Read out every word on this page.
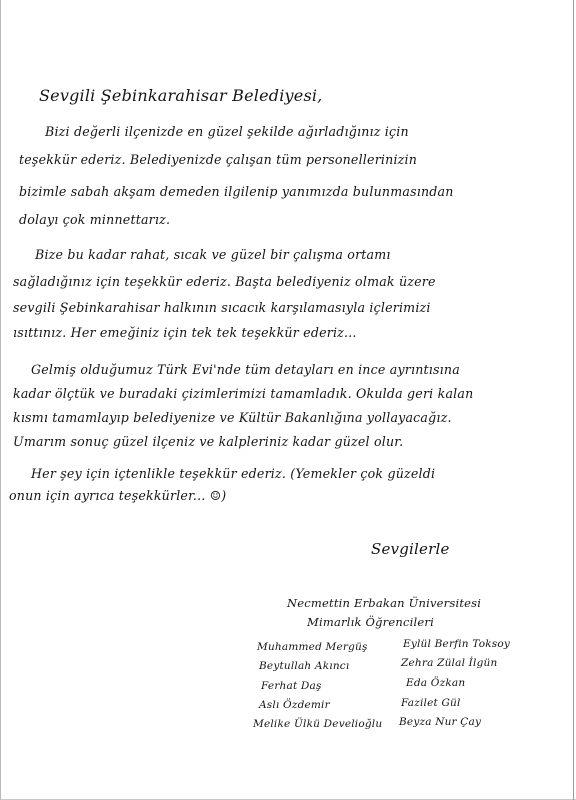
Sevgili Şebinkarahisar Belediyesi,
Bizi değerli ilçenizde en güzel şekilde ağırladığınız için
teşekkür ederiz. Belediyenizde çalışan tüm personellerinizin
bizimle sabah akşam demeden ilgilenip yanımızda bulunmasından
dolayı çok minnettarız.
Bize bu kadar rahat, sıcak ve güzel bir çalışma ortamı
sağladığınız için teşekkür ederiz. Başta belediyeniz olmak üzere
sevgili Şebinkarahisar halkının sıcacık karşılamasıyla içlerimizi
ısıttınız. Her emeğiniz için tek tek teşekkür ederiz...
Gelmiş olduğumuz Türk Evi'nde tüm detayları en ince ayrıntısına
kadar ölçtük ve buradaki çizimlerimizi tamamladık. Okulda geri kalan
kısmı tamamlayıp belediyenize ve Kültür Bakanlığına yollayacağız.
Umarım sonuç güzel ilçeniz ve kalpleriniz kadar güzel olur.
Her şey için içtenlikle teşekkür ederiz. (Yemekler çok güzeldi
onun için ayrıca teşekkürler... ☺)
Sevgilerle
Necmettin Erbakan Üniversitesi
Mimarlık Öğrencileri
Muhammed Mergüş
Beytullah Akıncı
Ferhat Daş
Aslı Özdemir
Melike Ülkü Develioğlu
Eylül Berfin Toksoy
Zehra Zülal İlgün
Eda Özkan
Fazilet Gül
Beyza Nur Çay
